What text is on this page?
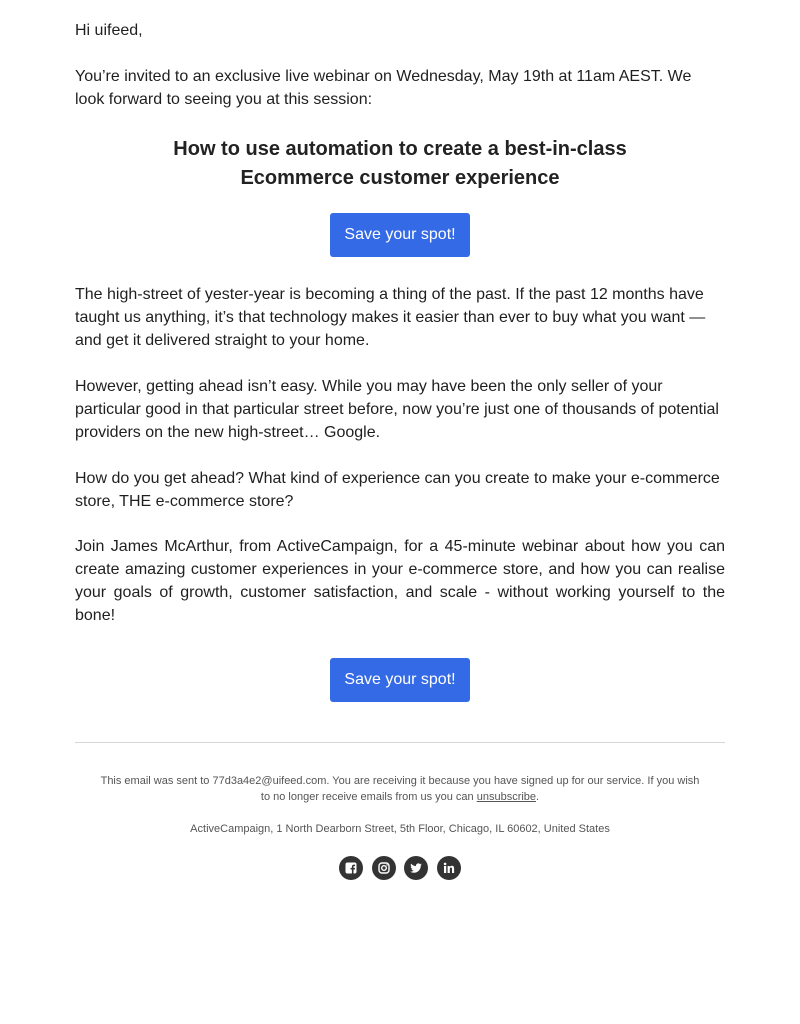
Hi uifeed,

You’re invited to an exclusive live webinar on Wednesday, May 19th at 11am AEST. We look forward to seeing you at this session:

How to use automation to create a best-in-class
Ecommerce customer experience
Save your spot!

The high-street of yester-year is becoming a thing of the past. If the past 12 months have taught us anything, it’s that technology makes it easier than ever to buy what you want — and get it delivered straight to your home.

However, getting ahead isn’t easy. While you may have been the only seller of your particular good in that particular street before, now you’re just one of thousands of potential providers on the new high-street… Google.

How do you get ahead? What kind of experience can you create to make your e-commerce store, THE e-commerce store?

Join James McArthur, from ActiveCampaign, for a 45-minute webinar about how you can create amazing customer experiences in your e-commerce store, and how you can realise your goals of growth, customer satisfaction, and scale - without working yourself to the bone!

Save your spot!
This email was sent to 77d3a4e2@uifeed.com. You are receiving it because you have signed up for our service. If you wish to no longer receive emails from us you can unsubscribe.
ActiveCampaign, 1 North Dearborn Street, 5th Floor, Chicago, IL 60602, United States
